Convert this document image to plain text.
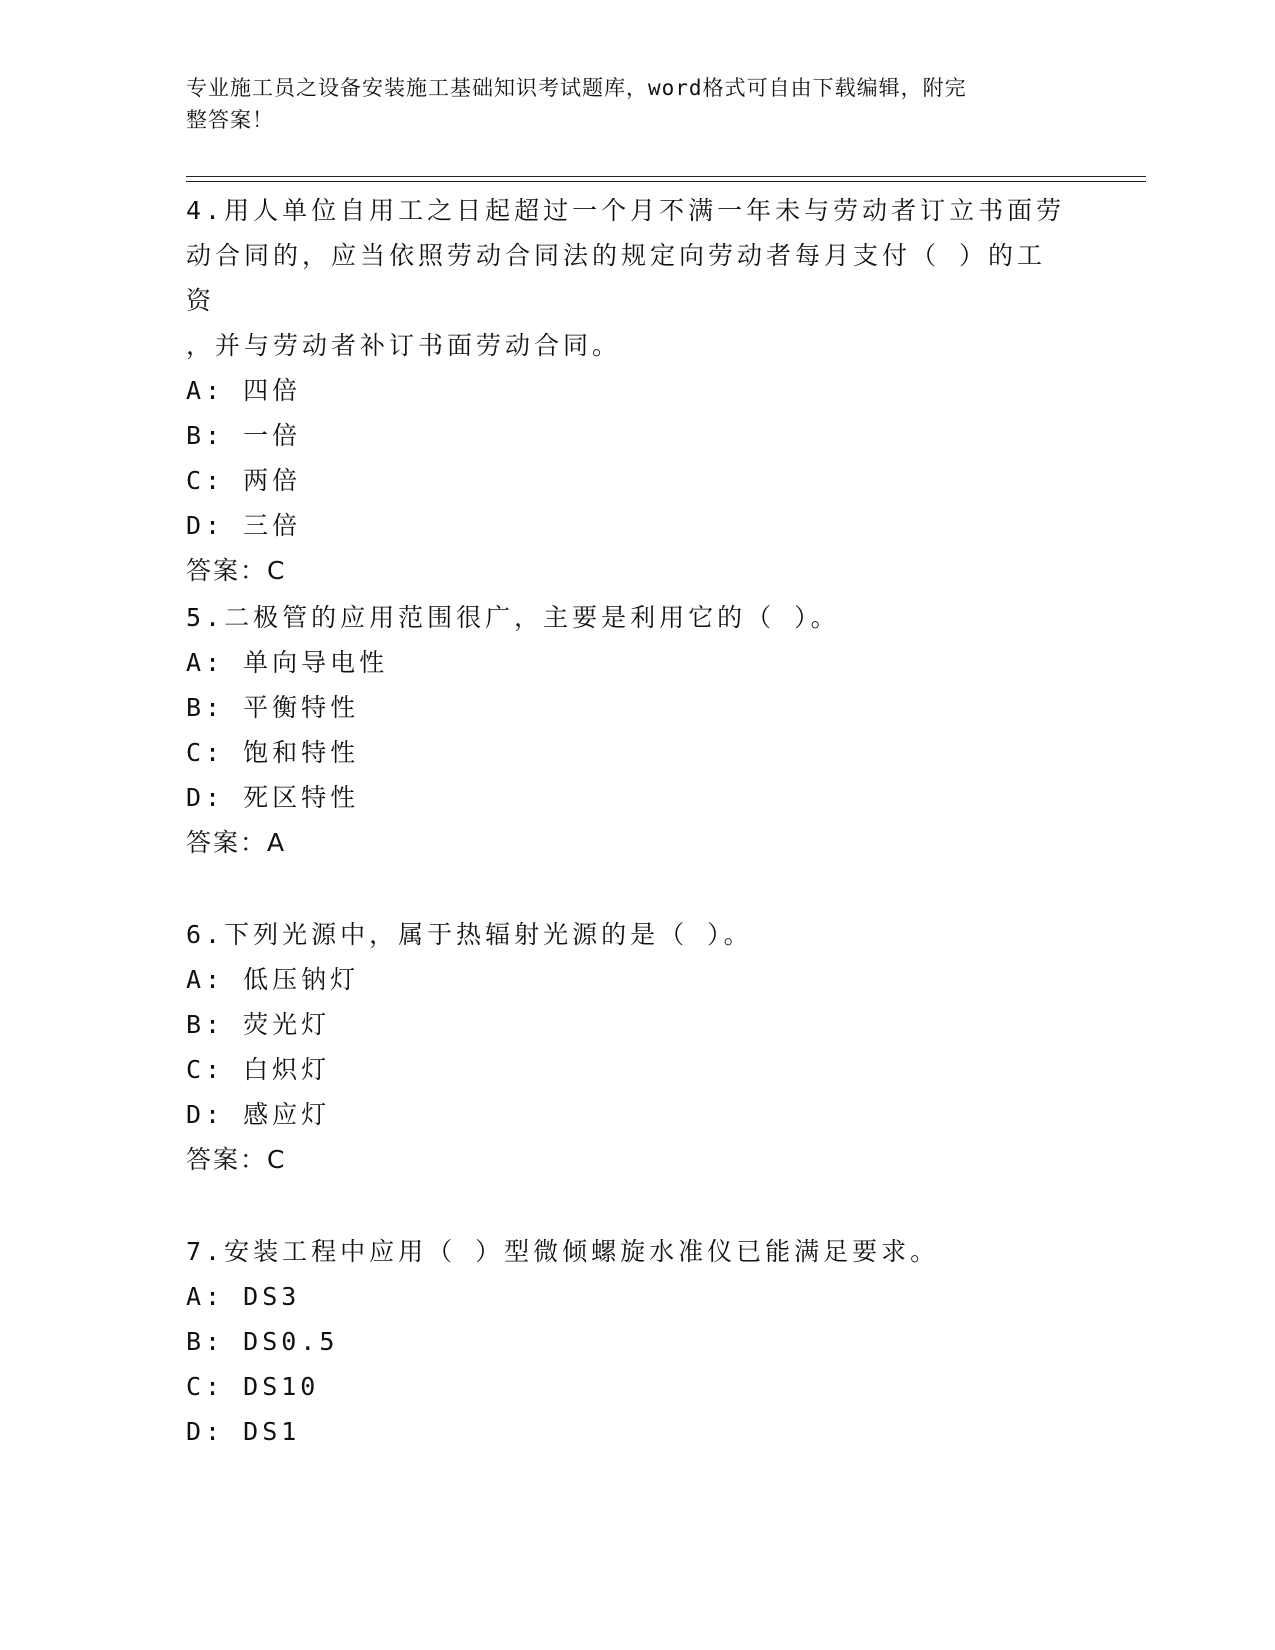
专业施工员之设备安装施工基础知识考试题库，word格式可自由下载编辑，附完
整答案！

4.用人单位自用工之日起超过一个月不满一年未与劳动者订立书面劳

动合同的，应当依照劳动合同法的规定向劳动者每月支付（ ）的工资

，并与劳动者补订书面劳动合同。

A: 四倍

B: 一倍

C: 两倍

D: 三倍

答案：C

5.二极管的应用范围很广，主要是利用它的（ ）。

A: 单向导电性

B: 平衡特性

C: 饱和特性

D: 死区特性

答案：A

6.下列光源中，属于热辐射光源的是（ ）。

A: 低压钠灯

B: 荧光灯

C: 白炽灯

D: 感应灯

答案：C

7.安装工程中应用（ ）型微倾螺旋水准仪已能满足要求。

A: DS3

B: DS0.5

C: DS10

D: DS1
